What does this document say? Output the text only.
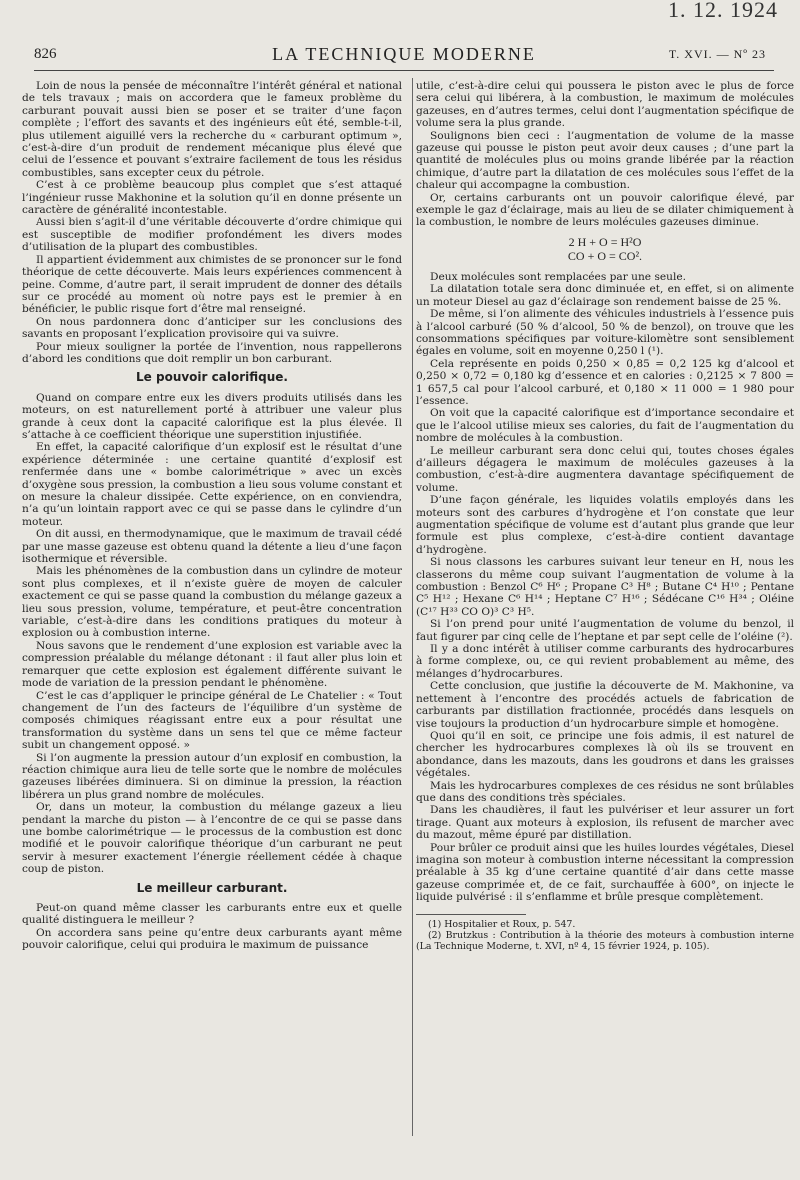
1. 12. 1924
826	LA TECHNIQUE MODERNE	T. XVI. — Nº 23

Loin de nous la pensée de méconnaître l’intérêt général et national de tels travaux ; mais on accordera que le fameux problème du carburant pouvait aussi bien se poser et se traiter d’une façon complète ; l’effort des savants et des ingénieurs eût été, semble-t-il, plus utilement aiguillé vers la recherche du « carburant optimum », c’est-à-dire d’un produit de rendement mécanique plus élevé que celui de l’essence et pouvant s’extraire facilement de tous les résidus combustibles, sans excepter ceux du pétrole.

C’est à ce problème beaucoup plus complet que s’est attaqué l’ingénieur russe Makhonine et la solution qu’il en donne présente un caractère de généralité incontestable.

Aussi bien s’agit-il d’une véritable découverte d’ordre chimique qui est susceptible de modifier profondément les divers modes d’utilisation de la plupart des combustibles.

Il appartient évidemment aux chimistes de se prononcer sur le fond théorique de cette découverte. Mais leurs expériences commencent à peine. Comme, d’autre part, il serait imprudent de donner des détails sur ce procédé au moment où notre pays est le premier à en bénéficier, le public risque fort d’être mal renseigné.

On nous pardonnera donc d’anticiper sur les conclusions des savants en proposant l’explication provisoire qui va suivre.

Pour mieux souligner la portée de l’invention, nous rappellerons d’abord les conditions que doit remplir un bon carburant.

Le pouvoir calorifique.

Quand on compare entre eux les divers produits utilisés dans les moteurs, on est naturellement porté à attribuer une valeur plus grande à ceux dont la capacité calorifique est la plus élevée. Il s’attache à ce coefficient théorique une superstition injustifiée.

En effet, la capacité calorifique d’un explosif est le résultat d’une expérience déterminée : une certaine quantité d’explosif est renfermée dans une « bombe calorimétrique » avec un excès d’oxygène sous pression, la combustion a lieu sous volume constant et on mesure la chaleur dissipée. Cette expérience, on en conviendra, n’a qu’un lointain rapport avec ce qui se passe dans le cylindre d’un moteur.

On dit aussi, en thermodynamique, que le maximum de travail cédé par une masse gazeuse est obtenu quand la détente a lieu d’une façon isothermique et réversible.

Mais les phénomènes de la combustion dans un cylindre de moteur sont plus complexes, et il n’existe guère de moyen de calculer exactement ce qui se passe quand la combustion du mélange gazeux a lieu sous pression, volume, température, et peut-être concentration variable, c’est-à-dire dans les conditions pratiques du moteur à explosion ou à combustion interne.

Nous savons que le rendement d’une explosion est variable avec la compression préalable du mélange détonant : il faut aller plus loin et remarquer que cette explosion est également différente suivant le mode de variation de la pression pendant le phénomène.

C’est le cas d’appliquer le principe général de Le Chatelier : « Tout changement de l’un des facteurs de l’équilibre d’un système de composés chimiques réagissant entre eux a pour résultat une transformation du système dans un sens tel que ce même facteur subit un changement opposé. »

Si l’on augmente la pression autour d’un explosif en combustion, la réaction chimique aura lieu de telle sorte que le nombre de molécules gazeuses libérées diminuera. Si on diminue la pression, la réaction libérera un plus grand nombre de molécules.

Or, dans un moteur, la combustion du mélange gazeux a lieu pendant la marche du piston — à l’encontre de ce qui se passe dans une bombe calorimétrique — le processus de la combustion est donc modifié et le pouvoir calorifique théorique d’un carburant ne peut servir à mesurer exactement l’énergie réellement cédée à chaque coup de piston.

Le meilleur carburant.

Peut-on quand même classer les carburants entre eux et quelle qualité distinguera le meilleur ?

On accordera sans peine qu’entre deux carburants ayant même pouvoir calorifique, celui qui produira le maximum de puissance

utile, c’est-à-dire celui qui poussera le piston avec le plus de force sera celui qui libérera, à la combustion, le maximum de molécules gazeuses, en d’autres termes, celui dont l’augmentation spécifique de volume sera la plus grande.

Soulignons bien ceci : l’augmentation de volume de la masse gazeuse qui pousse le piston peut avoir deux causes ; d’une part la quantité de molécules plus ou moins grande libérée par la réaction chimique, d’autre part la dilatation de ces molécules sous l’effet de la chaleur qui accompagne la combustion.

Or, certains carburants ont un pouvoir calorifique élevé, par exemple le gaz d’éclairage, mais au lieu de se dilater chimiquement à la combustion, le nombre de leurs molécules gazeuses diminue.

2 H + O = H²O
CO + O = CO².

Deux molécules sont remplacées par une seule.

La dilatation totale sera donc diminuée et, en effet, si on alimente un moteur Diesel au gaz d’éclairage son rendement baisse de 25 %.

De même, si l’on alimente des véhicules industriels à l’essence puis à l’alcool carburé (50 % d’alcool, 50 % de benzol), on trouve que les consommations spécifiques par voiture-kilomètre sont sensiblement égales en volume, soit en moyenne 0,250 l (¹).

Cela représente en poids 0,250 × 0,85 = 0,2 125 kg d’alcool et 0,250 × 0,72 = 0,180 kg d’essence et en calories : 0,2125 × 7 800 = 1 657,5 cal pour l’alcool carburé, et 0,180 × 11 000 = 1 980 pour l’essence.

On voit que la capacité calorifique est d’importance secondaire et que le l’alcool utilise mieux ses calories, du fait de l’augmentation du nombre de molécules à la combustion.

Le meilleur carburant sera donc celui qui, toutes choses égales d’ailleurs dégagera le maximum de molécules gazeuses à la combustion, c’est-à-dire augmentera davantage spécifiquement de volume.

D’une façon générale, les liquides volatils employés dans les moteurs sont des carbures d’hydrogène et l’on constate que leur augmentation spécifique de volume est d’autant plus grande que leur formule est plus complexe, c’est-à-dire contient davantage d’hydrogène.

Si nous classons les carbures suivant leur teneur en H, nous les classerons du même coup suivant l’augmentation de volume à la combustion : Benzol C⁶ H⁶ ; Propane C³ H⁸ ; Butane C⁴ H¹⁰ ; Pentane C⁵ H¹² ; Hexane C⁶ H¹⁴ ; Heptane C⁷ H¹⁶ ; Sédécane C¹⁶ H³⁴ ; Oléine (C¹⁷ H³³ CO O)³ C³ H⁵.

Si l’on prend pour unité l’augmentation de volume du benzol, il faut figurer par cinq celle de l’heptane et par sept celle de l’oléine (²).

Il y a donc intérêt à utiliser comme carburants des hydrocarbures à forme complexe, ou, ce qui revient probablement au même, des mélanges d’hydrocarbures.

Cette conclusion, que justifie la découverte de M. Makhonine, va nettement à l’encontre des procédés actuels de fabrication de carburants par distillation fractionnée, procédés dans lesquels on vise toujours la production d’un hydrocarbure simple et homogène.

Quoi qu’il en soit, ce principe une fois admis, il est naturel de chercher les hydrocarbures complexes là où ils se trouvent en abondance, dans les mazouts, dans les goudrons et dans les graisses végétales.

Mais les hydrocarbures complexes de ces résidus ne sont brûlables que dans des conditions très spéciales.

Dans les chaudières, il faut les pulvériser et leur assurer un fort tirage. Quant aux moteurs à explosion, ils refusent de marcher avec du mazout, même épuré par distillation.

Pour brûler ce produit ainsi que les huiles lourdes végétales, Diesel imagina son moteur à combustion interne nécessitant la compression préalable à 35 kg d’une certaine quantité d’air dans cette masse gazeuse comprimée et, de ce fait, surchauffée à 600°, on injecte le liquide pulvérisé : il s’enflamme et brûle presque complètement.

(1) Hospitalier et Roux, p. 547.

(2) Brutzkus : Contribution à la théorie des moteurs à combustion interne (La Technique Moderne, t. XVI, nº 4, 15 février 1924, p. 105).
